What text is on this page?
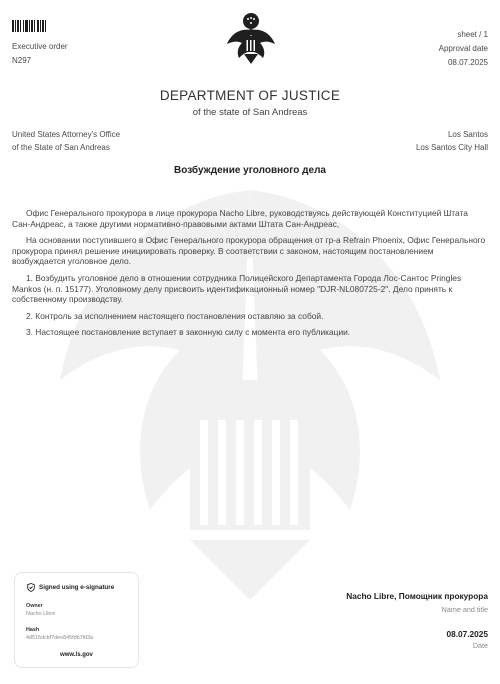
Executive order
N297
sheet / 1
Approval date
08.07.2025
DEPARTMENT OF JUSTICE
of the state of San Andreas
United States Attorney's Office
of the State of San Andreas
Los Santos
Los Santos City Hall
Возбуждение уголовного дела

Офис Генерального прокурора в лице прокурора Nacho Libre, руководствуясь действующей Конституцией Штата Сан-Андреас, а также другими нормативно-правовыми актами Штата Сан-Андреас,

На основании поступившего в Офис Генерального прокурора обращения от гр-а Refrain Phoenix, Офис Генерального прокурора принял решение инициировать проверку. В соответствии с законом, настоящим постановлением возбуждается уголовное дело.

1. Возбудить уголовное дело в отношении сотрудника Полицейского Департамента Города Лос-Сантос Pringles Mankos (н. п. 15177). Уголовному делу присвоить идентификационный номер "DJR-NL080725-2". Дело принять к собственному производству.

2. Контроль за исполнением настоящего постановления оставляю за собой.

3. Настоящее постановление вступает в законную силу с момента его публикации.

Signed using e-signature
Owner
Nacho Libre
Hash
4d515dcbf7dee845fdb7fd3a
www.ls.gov
Nacho Libre, Помощник прокурора
Name and title
08.07.2025
Date
